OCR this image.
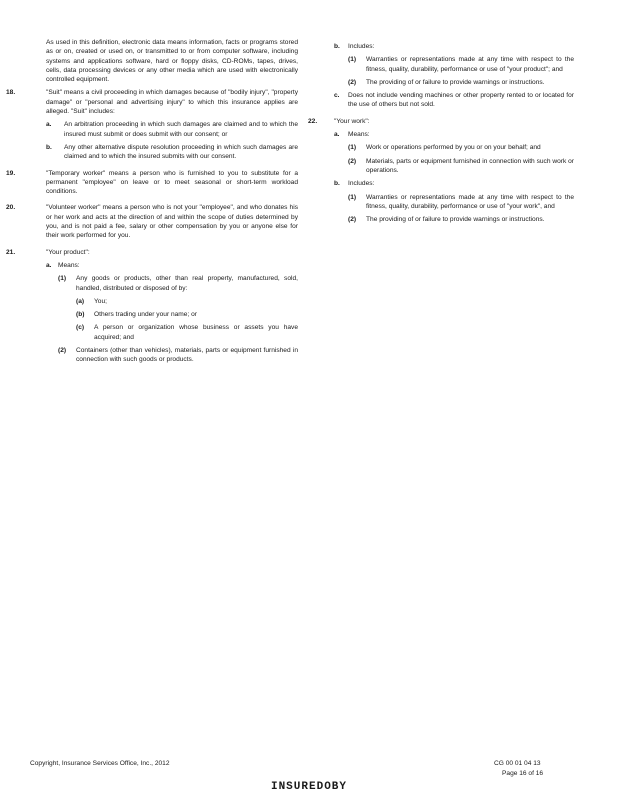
As used in this definition, electronic data means information, facts or programs stored as or on, created or used on, or transmitted to or from computer software, including systems and applications software, hard or floppy disks, CD-ROMs, tapes, drives, cells, data processing devices or any other media which are used with electronically controlled equipment.
18.	"Suit" means a civil proceeding in which damages because of "bodily injury", "property damage" or "personal and advertising injury" to which this insurance applies are alleged. "Suit" includes:
a. An arbitration proceeding in which such damages are claimed and to which the insured must submit or does submit with our consent; or
b. Any other alternative dispute resolution proceeding in which such damages are claimed and to which the insured submits with our consent.
19.	"Temporary worker" means a person who is furnished to you to substitute for a permanent "employee" on leave or to meet seasonal or short-term workload conditions.
20.	"Volunteer worker" means a person who is not your "employee", and who donates his or her work and acts at the direction of and within the scope of duties determined by you, and is not paid a fee, salary or other compensation by you or anyone else for their work performed for you.
21.	"Your product":
a. Means:
(1) Any goods or products, other than real property, manufactured, sold, handled, distributed or disposed of by:
(a) You;
(b) Others trading under your name; or
(c) A person or organization whose business or assets you have acquired; and
(2) Containers (other than vehicles), materials, parts or equipment furnished in connection with such goods or products.
b. Includes:
(1) Warranties or representations made at any time with respect to the fitness, quality, durability, performance or use of "your product"; and
(2) The providing of or failure to provide warnings or instructions.
c. Does not include vending machines or other property rented to or located for the use of others but not sold.
22.	"Your work":
a. Means:
(1) Work or operations performed by you or on your behalf; and
(2) Materials, parts or equipment furnished in connection with such work or operations.
b. Includes:
(1) Warranties or representations made at any time with respect to the fitness, quality, durability, performance or use of "your work", and
(2) The providing of or failure to provide warnings or instructions.
Copyright, Insurance Services Office, Inc., 2012	CG 00 01 04 13
Page 16 of 16
INSUREDOBY
